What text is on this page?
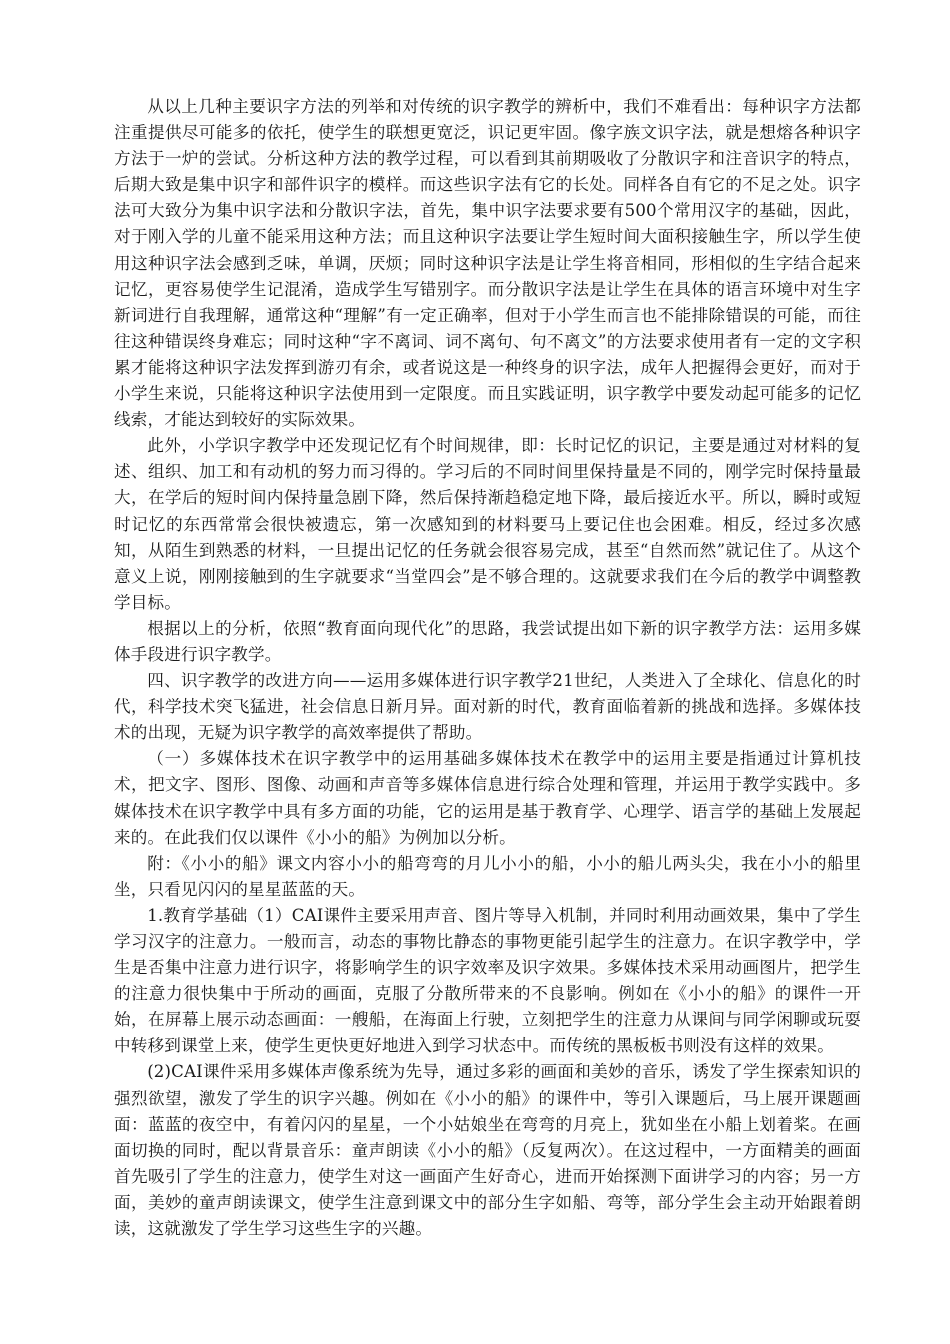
从以上几种主要识字方法的列举和对传统的识字教学的辨析中，我们不难看出：每种识字方法都注重提供尽可能多的依托，使学生的联想更宽泛，识记更牢固。像字族文识字法，就是想熔各种识字方法于一炉的尝试。分析这种方法的教学过程，可以看到其前期吸收了分散识字和注音识字的特点，后期大致是集中识字和部件识字的模样。而这些识字法有它的长处。同样各自有它的不足之处。识字法可大致分为集中识字法和分散识字法，首先，集中识字法要求要有500个常用汉字的基础，因此，对于刚入学的儿童不能采用这种方法；而且这种识字法要让学生短时间大面积接触生字，所以学生使用这种识字法会感到乏味，单调，厌烦；同时这种识字法是让学生将音相同，形相似的生字结合起来记忆，更容易使学生记混淆，造成学生写错别字。而分散识字法是让学生在具体的语言环境中对生字新词进行自我理解，通常这种“理解”有一定正确率，但对于小学生而言也不能排除错误的可能，而往往这种错误终身难忘；同时这种“字不离词、词不离句、句不离文”的方法要求使用者有一定的文字积累才能将这种识字法发挥到游刃有余，或者说这是一种终身的识字法，成年人把握得会更好，而对于小学生来说，只能将这种识字法使用到一定限度。而且实践证明，识字教学中要发动起可能多的记忆线索，才能达到较好的实际效果。

此外，小学识字教学中还发现记忆有个时间规律，即：长时记忆的识记，主要是通过对材料的复述、组织、加工和有动机的努力而习得的。学习后的不同时间里保持量是不同的，刚学完时保持量最大，在学后的短时间内保持量急剧下降，然后保持渐趋稳定地下降，最后接近水平。所以，瞬时或短时记忆的东西常常会很快被遗忘，第一次感知到的材料要马上要记住也会困难。相反，经过多次感知，从陌生到熟悉的材料，一旦提出记忆的任务就会很容易完成，甚至“自然而然”就记住了。从这个意义上说，刚刚接触到的生字就要求“当堂四会”是不够合理的。这就要求我们在今后的教学中调整教学目标。

根据以上的分析，依照“教育面向现代化”的思路，我尝试提出如下新的识字教学方法：运用多媒体手段进行识字教学。

四、识字教学的改进方向——运用多媒体进行识字教学21世纪，人类进入了全球化、信息化的时代，科学技术突飞猛进，社会信息日新月异。面对新的时代，教育面临着新的挑战和选择。多媒体技术的出现，无疑为识字教学的高效率提供了帮助。

（一）多媒体技术在识字教学中的运用基础多媒体技术在教学中的运用主要是指通过计算机技术，把文字、图形、图像、动画和声音等多媒体信息进行综合处理和管理，并运用于教学实践中。多媒体技术在识字教学中具有多方面的功能，它的运用是基于教育学、心理学、语言学的基础上发展起来的。在此我们仅以课件《小小的船》为例加以分析。

附：《小小的船》课文内容小小的船弯弯的月儿小小的船，小小的船儿两头尖，我在小小的船里坐，只看见闪闪的星星蓝蓝的天。

1.教育学基础（1）CAI课件主要采用声音、图片等导入机制，并同时利用动画效果，集中了学生学习汉字的注意力。一般而言，动态的事物比静态的事物更能引起学生的注意力。在识字教学中，学生是否集中注意力进行识字，将影响学生的识字效率及识字效果。多媒体技术采用动画图片，把学生的注意力很快集中于所动的画面，克服了分散所带来的不良影响。例如在《小小的船》的课件一开始，在屏幕上展示动态画面：一艘船，在海面上行驶，立刻把学生的注意力从课间与同学闲聊或玩耍中转移到课堂上来，使学生更快更好地进入到学习状态中。而传统的黑板板书则没有这样的效果。

(2)CAI课件采用多媒体声像系统为先导，通过多彩的画面和美妙的音乐，诱发了学生探索知识的强烈欲望，激发了学生的识字兴趣。例如在《小小的船》的课件中，等引入课题后，马上展开课题画面：蓝蓝的夜空中，有着闪闪的星星，一个小姑娘坐在弯弯的月亮上，犹如坐在小船上划着桨。在画面切换的同时，配以背景音乐：童声朗读《小小的船》（反复两次）。在这过程中，一方面精美的画面首先吸引了学生的注意力，使学生对这一画面产生好奇心，进而开始探测下面讲学习的内容；另一方面，美妙的童声朗读课文，使学生注意到课文中的部分生字如船、弯等，部分学生会主动开始跟着朗读，这就激发了学生学习这些生字的兴趣。
